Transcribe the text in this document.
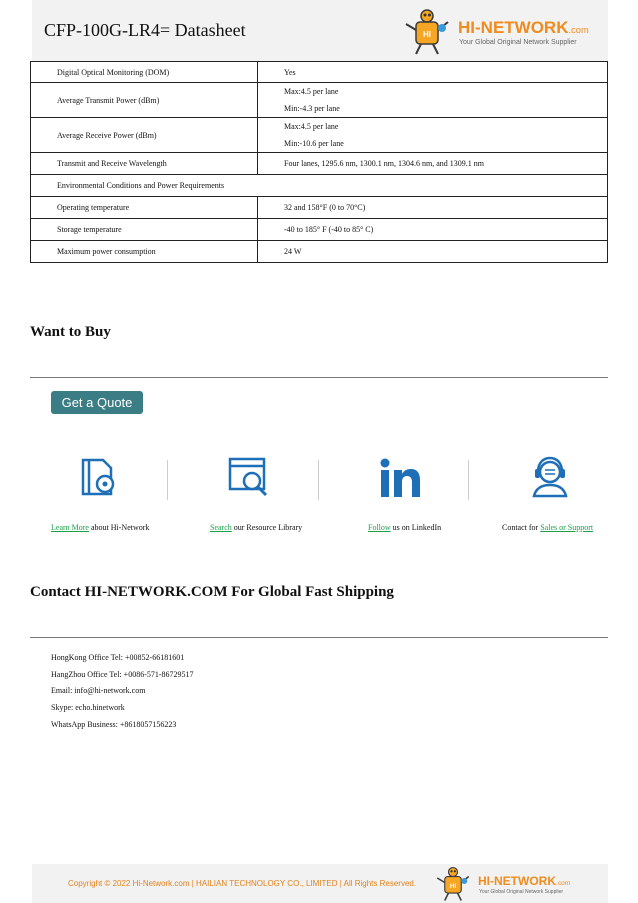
CFP-100G-LR4= Datasheet	HI HI-NETWORK.com
Your Global Original Network Supplier
Digital Optical Monitoring (DOM)	Yes

Average Transmit Power (dBm)	Max:4.5 per lane
Min:-4.3 per lane

Average Receive Power (dBm)	Max:4.5 per lane
Min:-10.6 per lane

Transmit and Receive Wavelength	Four lanes, 1295.6 nm, 1300.1 nm, 1304.6 nm, and 1309.1 nm

Environmental Conditions and Power Requirements	
Operating temperature	32 and 158°F (0 to 70°C)

Storage temperature	-40 to 185° F (-40 to 85° C)

Maximum power consumption	24 W
Want to Buy
Get a Quote
Learn More about Hi-Network	Search our Resource Library	Follow us on LinkedIn	Contact for Sales or Support
Contact HI-NETWORK.COM For Global Fast Shipping
HongKong Office Tel: +00852-66181601
HangZhou Office Tel: +0086-571-86729517
Email: info@hi-network.com
Skype: echo.hinetwork
WhatsApp Business: +8618057156223
Copyright © 2022 Hi-Network.com | HAILIAN TECHNOLOGY CO., LIMITED | All Rights Reserved.	HI HI-NETWORK.com
Your Global Original Network Supplier
